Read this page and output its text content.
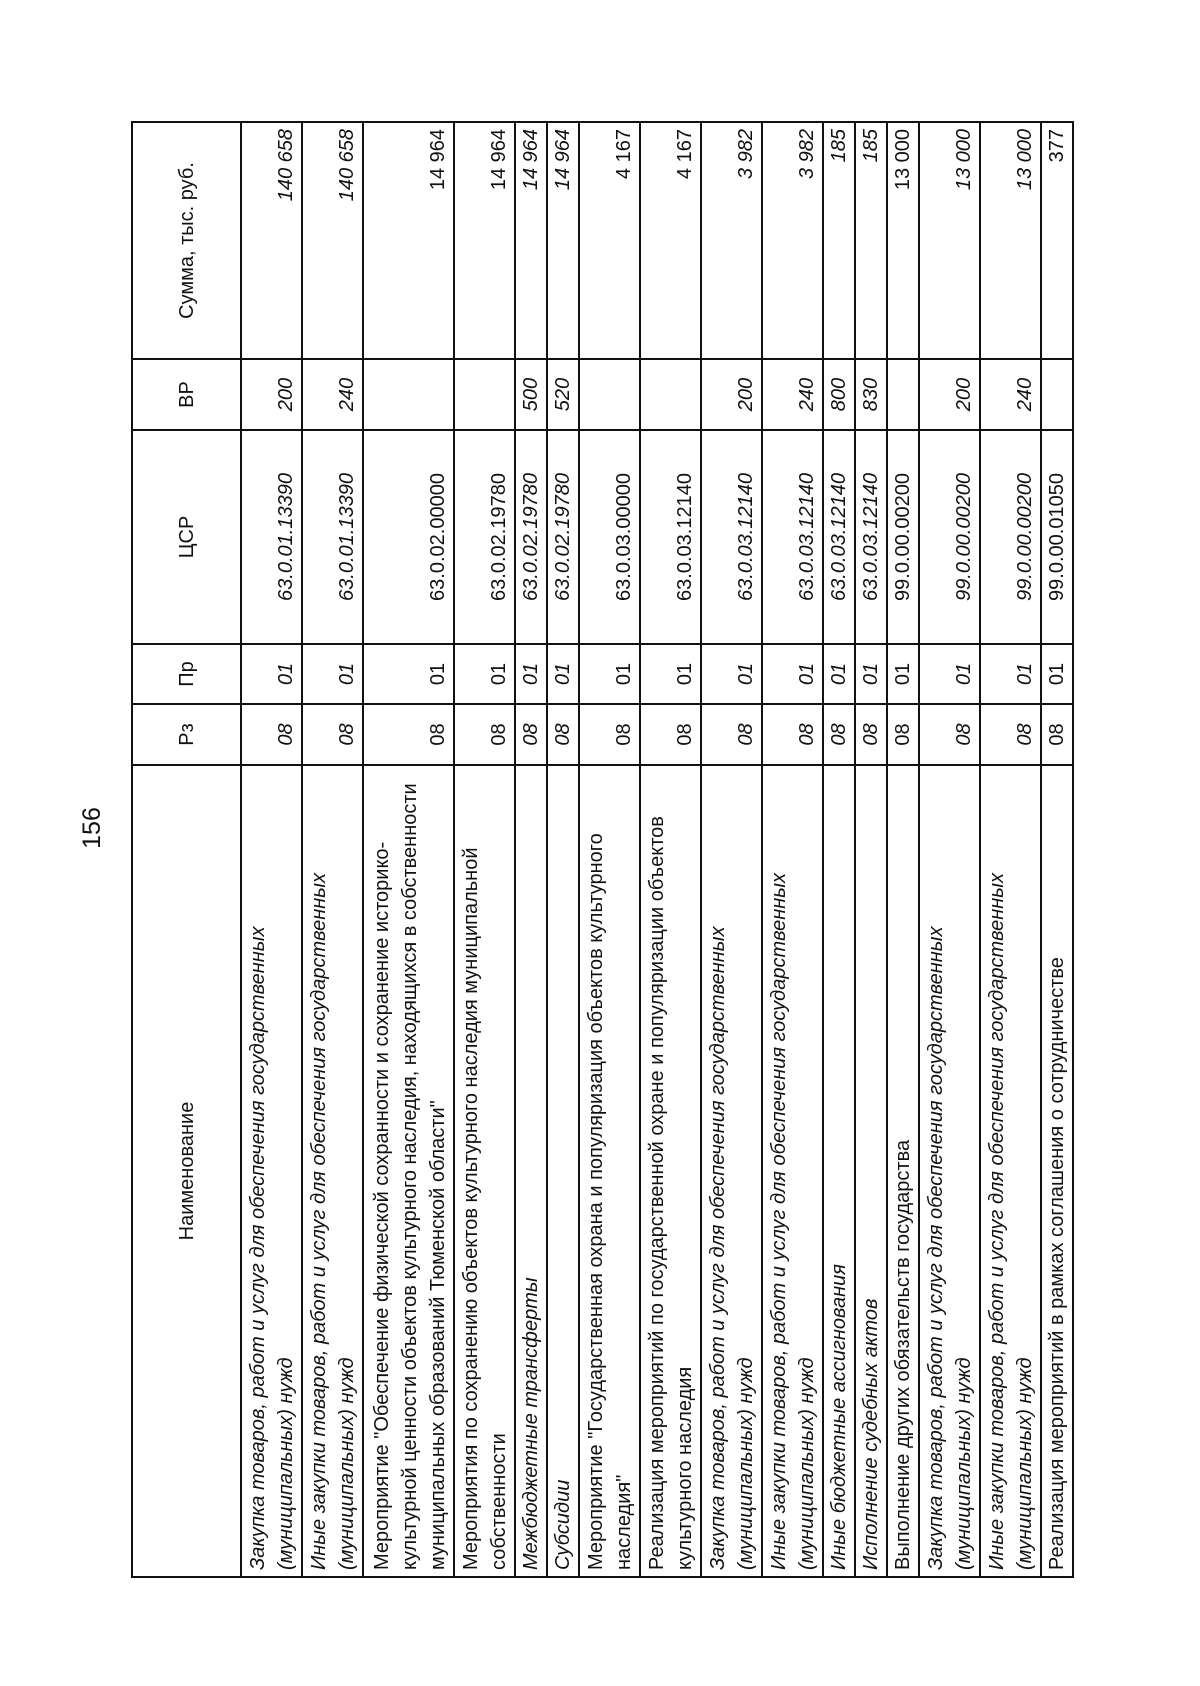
156
Наименование	Рз	Пр	ЦСР	ВР	Сумма, тыс. руб.
Закупка товаров, работ и услуг для обеспечения государственных (муниципальных) нужд	08	01	63.0.01.13390	200	140 658
Иные закупки товаров, работ и услуг для обеспечения государственных (муниципальных) нужд	08	01	63.0.01.13390	240	140 658
Мероприятие "Обеспечение физической сохранности и сохранение историко-культурной ценности объектов культурного наследия, находящихся в собственности муниципальных образований Тюменской области"	08	01	63.0.02.00000		14 964
Мероприятия по сохранению объектов культурного наследия муниципальной собственности	08	01	63.0.02.19780		14 964
Межбюджетные трансферты	08	01	63.0.02.19780	500	14 964
Субсидии	08	01	63.0.02.19780	520	14 964
Мероприятие "Государственная охрана и популяризация объектов культурного наследия"	08	01	63.0.03.00000		4 167
Реализация мероприятий по государственной охране и популяризации объектов культурного наследия	08	01	63.0.03.12140		4 167
Закупка товаров, работ и услуг для обеспечения государственных (муниципальных) нужд	08	01	63.0.03.12140	200	3 982
Иные закупки товаров, работ и услуг для обеспечения государственных (муниципальных) нужд	08	01	63.0.03.12140	240	3 982
Иные бюджетные ассигнования	08	01	63.0.03.12140	800	185
Исполнение судебных актов	08	01	63.0.03.12140	830	185
Выполнение других обязательств государства	08	01	99.0.00.00200		13 000
Закупка товаров, работ и услуг для обеспечения государственных (муниципальных) нужд	08	01	99.0.00.00200	200	13 000
Иные закупки товаров, работ и услуг для обеспечения государственных (муниципальных) нужд	08	01	99.0.00.00200	240	13 000
Реализация мероприятий в рамках соглашения о сотрудничестве	08	01	99.0.00.01050		377
